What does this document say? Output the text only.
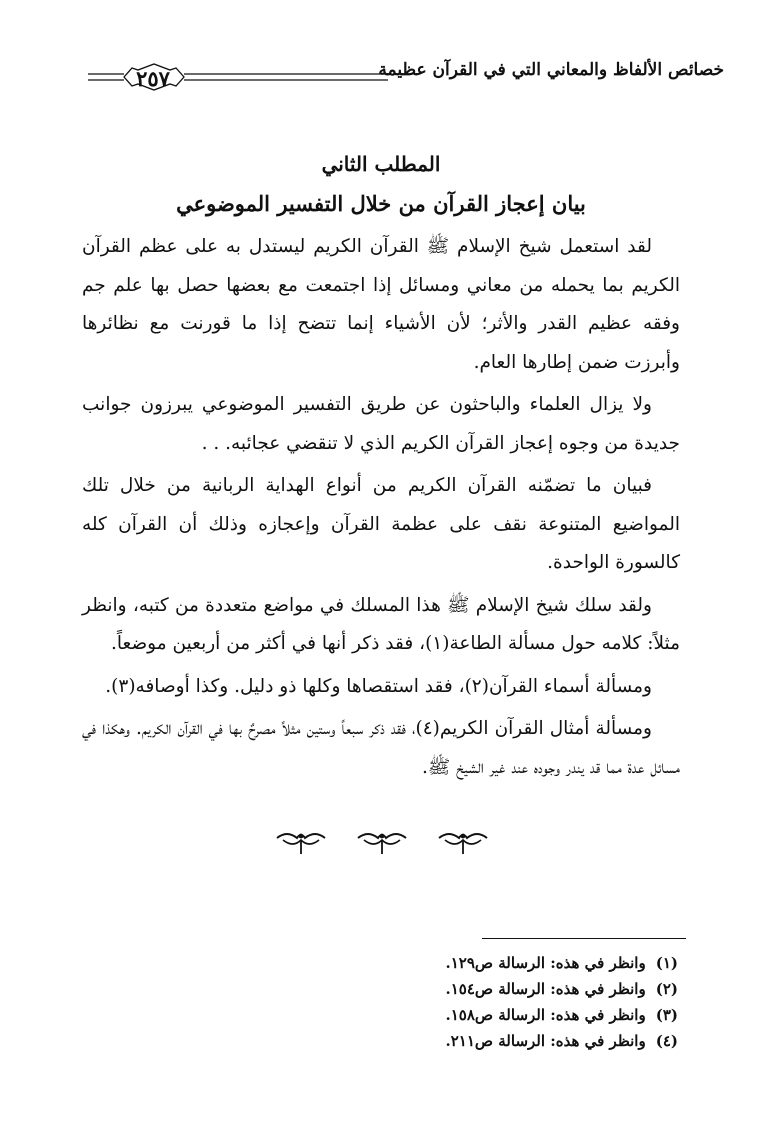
٢٥٧	خصائص الألفاظ والمعاني التي في القرآن عظيمة

المطلب الثاني

بيان إعجاز القرآن من خلال التفسير الموضوعي

لقد استعمل شيخ الإسلام ﷺ القرآن الكريم ليستدل به على عظم القرآن الكريم بما يحمله من معاني ومسائل إذا اجتمعت مع بعضها حصل بها علم جم وفقه عظيم القدر والأثر؛ لأن الأشياء إنما تتضح إذا ما قورنت مع نظائرها وأبرزت ضمن إطارها العام.

ولا يزال العلماء والباحثون عن طريق التفسير الموضوعي يبرزون جوانب جديدة من وجوه إعجاز القرآن الكريم الذي لا تنقضي عجائبه. . .

فبيان ما تضمّنه القرآن الكريم من أنواع الهداية الربانية من خلال تلك المواضيع المتنوعة نقف على عظمة القرآن وإعجازه وذلك أن القرآن كله كالسورة الواحدة.

ولقد سلك شيخ الإسلام ﷺ هذا المسلك في مواضع متعددة من كتبه، وانظر مثلاً: كلامه حول مسألة الطاعة(١)، فقد ذكر أنها في أكثر من أربعين موضعاً.

ومسألة أسماء القرآن(٢)، فقد استقصاها وكلها ذو دليل. وكذا أوصافه(٣).

ومسألة أمثال القرآن الكريم(٤)، فقد ذكر سبعاً وستين مثلاً مصرحٌ بها في القرآن الكريم. وهكذا في مسائل عدة مما قد يندر وجوده عند غير الشيخ ﷺ.

(١)وانظر في هذه: الرسالة ص١٢٩.
(٢)وانظر في هذه: الرسالة ص١٥٤.
(٣)وانظر في هذه: الرسالة ص١٥٨.
(٤)وانظر في هذه: الرسالة ص٢١١.
